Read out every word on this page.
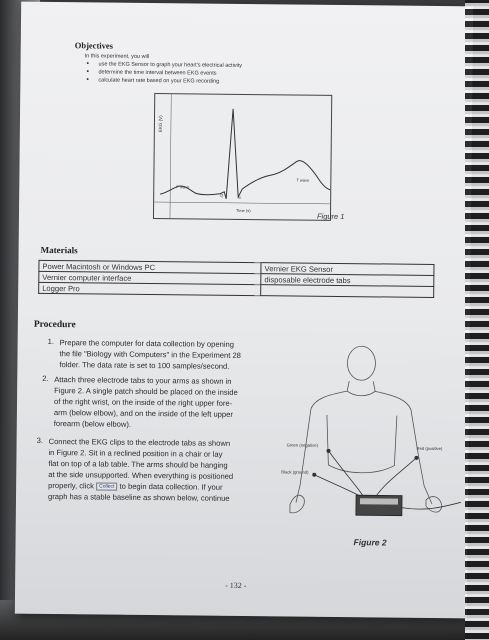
Objectives
In this experiment, you will
• use the EKG Sensor to graph your heart's electrical activity
• determine the time interval between EKG events
• calculate heart rate based on your EKG recording
EKG (V)
P wave
T wave
Q	S
Time (s)
Figure 1
Materials
Power Macintosh or Windows PC	Vernier EKG Sensor
Vernier computer interface	disposable electrode tabs
Logger Pro	
Procedure
1. Prepare the computer for data collection by opening
the file "Biology with Computers" in the Experiment 28
folder. The data rate is set to 100 samples/second.
2. Attach three electrode tabs to your arms as shown in
Figure 2. A single patch should be placed on the inside
of the right wrist, on the inside of the right upper fore-
arm (below elbow), and on the inside of the left upper
forearm (below elbow).
3. Connect the EKG clips to the electrode tabs as shown
in Figure 2. Sit in a reclined position in a chair or lay
flat on top of a lab table. The arms should be hanging
at the side unsupported. When everything is positioned
properly, click Collect to begin data collection. If your
graph has a stable baseline as shown below, continue
Green (negative)
Red (positive)
Black (ground)
Figure 2
- 132 -
